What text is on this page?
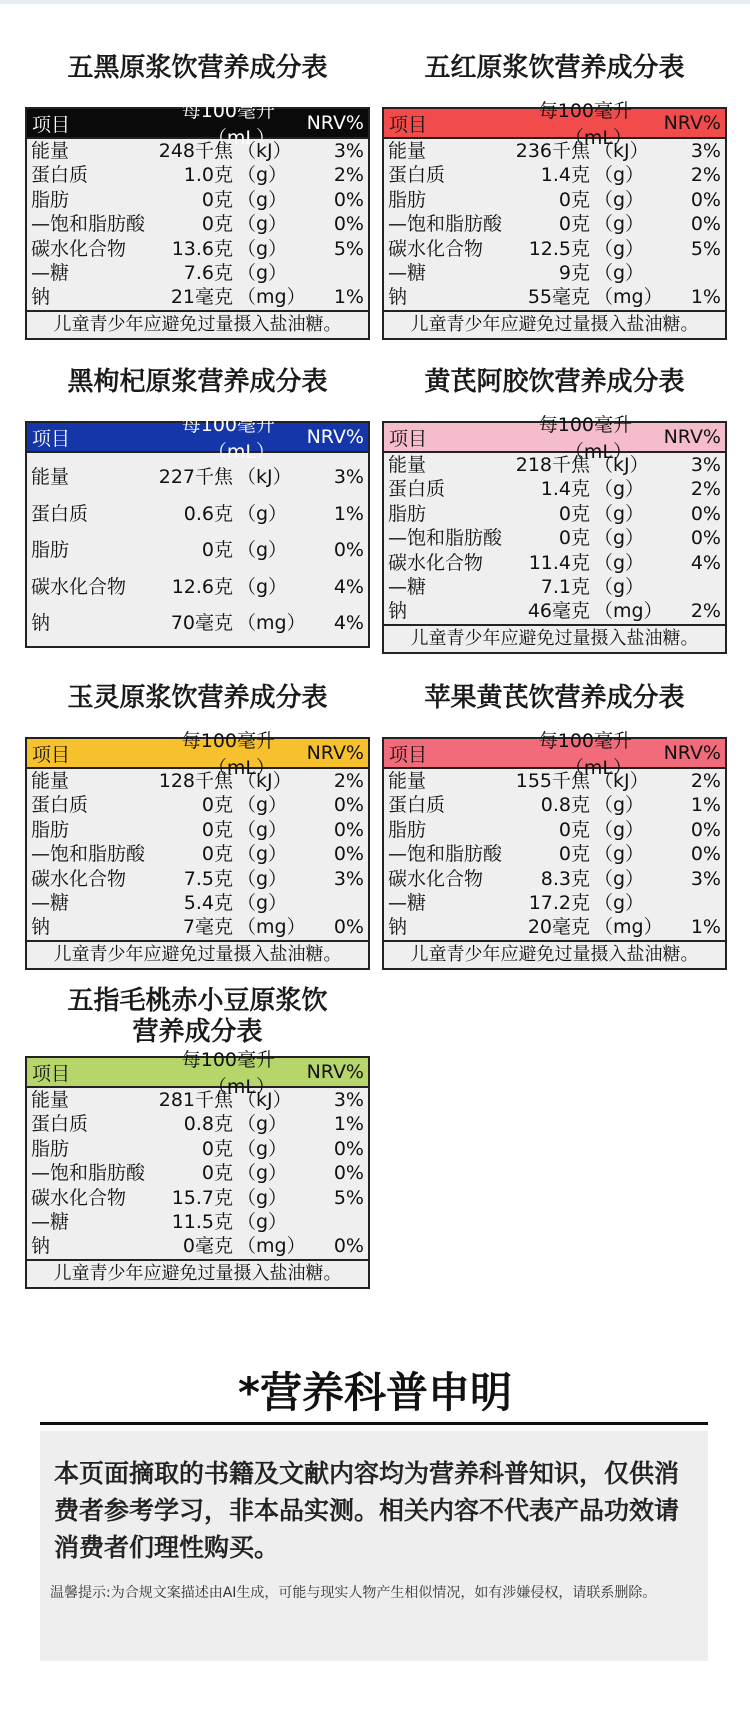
五黑原浆饮营养成分表
项目
每100毫升（mL）
NRV%
能量	248千焦 （kJ） 3%
蛋白质	1.0克 （g） 2%
脂肪	0克 （g） 0%
—饱和脂肪酸	0克 （g） 0%
碳水化合物	13.6克 （g） 5%
—糖	7.6克 （g）
钠	21毫克 （mg） 1%
儿童青少年应避免过量摄入盐油糖。
五红原浆饮营养成分表
项目
每100毫升（mL）
NRV%
能量	236千焦 （kJ） 3%
蛋白质	1.4克 （g） 2%
脂肪	0克 （g） 0%
—饱和脂肪酸	0克 （g） 0%
碳水化合物	12.5克 （g） 5%
—糖	9克 （g）
钠	55毫克 （mg） 1%
儿童青少年应避免过量摄入盐油糖。
黑枸杞原浆营养成分表
项目
每100毫升（mL）
NRV%
能量	227千焦 （kJ） 3%
蛋白质	0.6克 （g） 1%
脂肪	0克 （g） 0%
碳水化合物	12.6克 （g） 4%
钠	70毫克 （mg） 4%
黄芪阿胶饮营养成分表
项目
每100毫升（mL）
NRV%
能量	218千焦 （kJ） 3%
蛋白质	1.4克 （g） 2%
脂肪	0克 （g） 0%
—饱和脂肪酸	0克 （g） 0%
碳水化合物	11.4克 （g） 4%
—糖	7.1克 （g）
钠	46毫克 （mg） 2%
儿童青少年应避免过量摄入盐油糖。
玉灵原浆饮营养成分表
项目
每100毫升（mL）
NRV%
能量	128千焦 （kJ） 2%
蛋白质	0克 （g） 0%
脂肪	0克 （g） 0%
—饱和脂肪酸	0克 （g） 0%
碳水化合物	7.5克 （g） 3%
—糖	5.4克 （g）
钠	7毫克 （mg） 0%
儿童青少年应避免过量摄入盐油糖。
苹果黄芪饮营养成分表
项目
每100毫升（mL）
NRV%
能量	155千焦 （kJ） 2%
蛋白质	0.8克 （g） 1%
脂肪	0克 （g） 0%
—饱和脂肪酸	0克 （g） 0%
碳水化合物	8.3克 （g） 3%
—糖	17.2克 （g）
钠	20毫克 （mg） 1%
儿童青少年应避免过量摄入盐油糖。
五指毛桃赤小豆原浆饮
营养成分表
项目
每100毫升（mL）
NRV%
能量	281千焦 （kJ） 3%
蛋白质	0.8克 （g） 1%
脂肪	0克 （g） 0%
—饱和脂肪酸	0克 （g） 0%
碳水化合物	15.7克 （g） 5%
—糖	11.5克 （g）
钠	0毫克 （mg） 0%
儿童青少年应避免过量摄入盐油糖。
*营养科普申明
本页面摘取的书籍及文献内容均为营养科普知识，仅供消费者参考学习，非本品实测。相关内容不代表产品功效请消费者们理性购买。
温馨提示:为合规文案描述由AI生成，可能与现实人物产生相似情况，如有涉嫌侵权，请联系删除。
